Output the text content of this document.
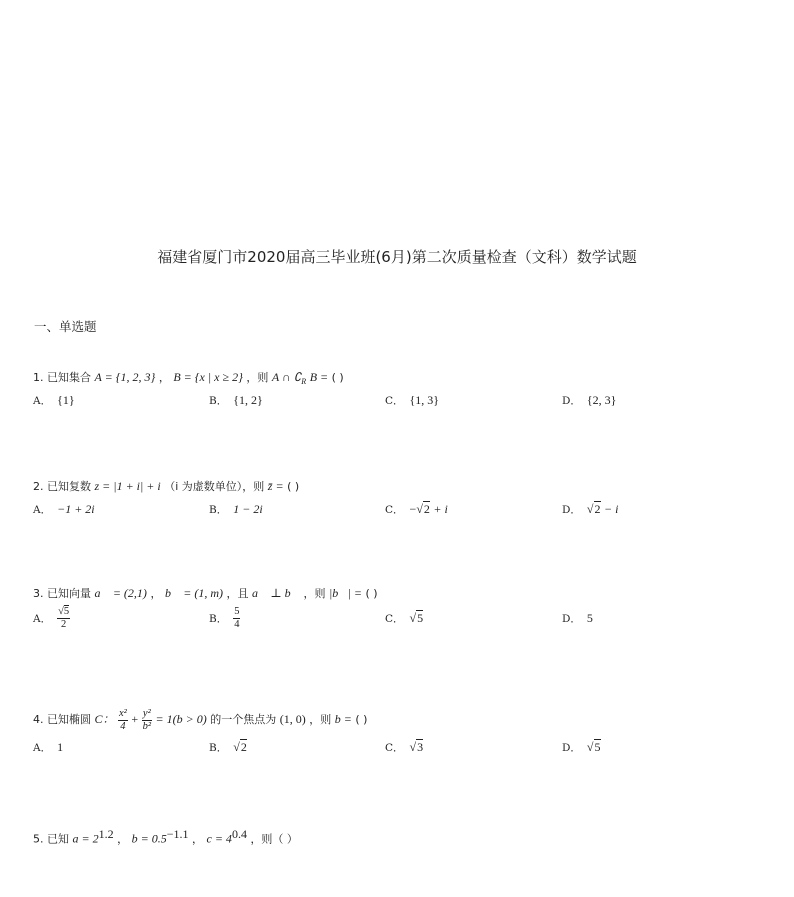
福建省厦门市2020届高三毕业班(6月)第二次质量检查（文科）数学试题
一、单选题
1. 已知集合 A = {1, 2, 3} ， B = {x | x ≥ 2} ，则 A ∩ $∁_R$ B = ( )
A． {1}	B． {1, 2}	C． {1, 3}	D． {2, 3}
2. 已知复数 z = |1 + i| + i （i 为虚数单位），则 z̄ = ( )
A． −1 + 2i	B． 1 − 2i	C． −√2 + i	D． √2 − i
3. 已知向量 a⃗ = (2,1) ， b⃗ = (1, m) ，且 a⃗ ⊥ b⃗ ，则 |b⃗| = ( )
A． $\frac{√5}{2}$	B． $\frac{5}{4}$	C． √5	D． 5
4. 已知椭圆 C： $\frac{\text{x²}}{4} + \frac{\text{y²}}{\text{b²}} = 1(b > 0)$ 的一个焦点为 (1, 0) ，则 b = ( )
A． 1	B． √2	C． √3	D． √5
5. 已知 $a = 2^{1.2}$ ， $b = 0.5^{-1.1}$ ， $c = 4^{0.4}$ ，则（ ）
